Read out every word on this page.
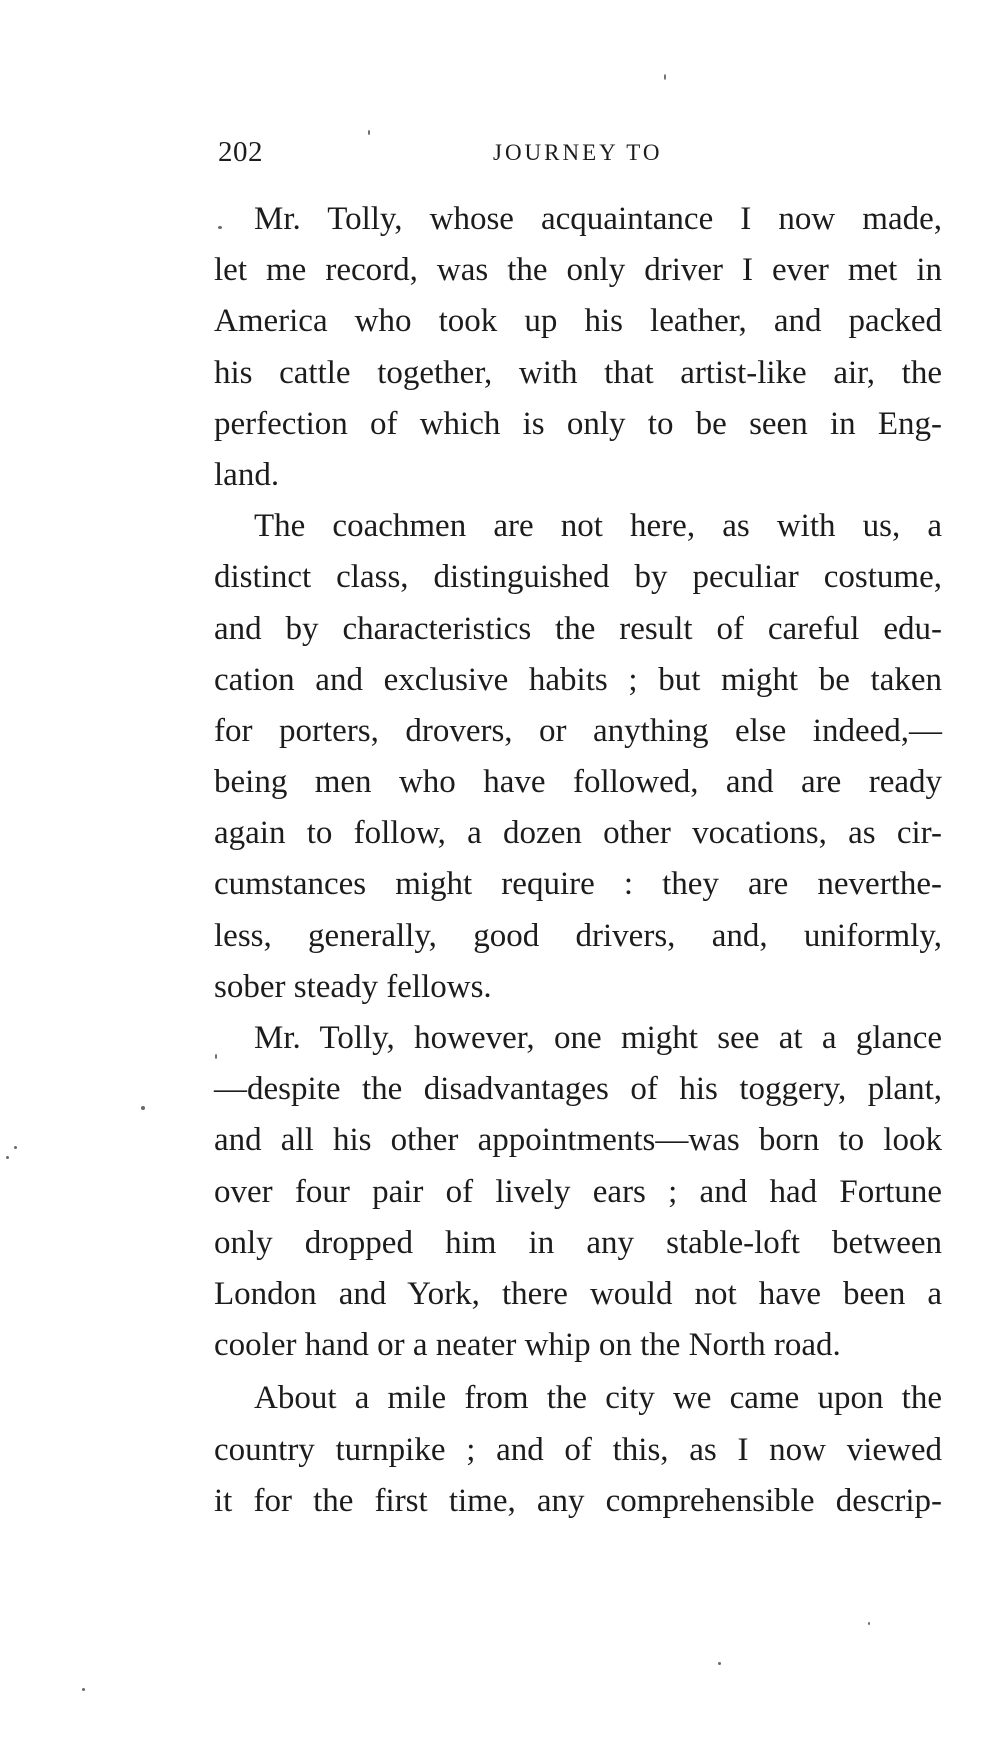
202	JOURNEY TO
Mr. Tolly, whose acquaintance I now made,
let me record, was the only driver I ever met in
America who took up his leather, and packed
his cattle together, with that artist-like air, the
perfection of which is only to be seen in Eng-
land.
The coachmen are not here, as with us, a
distinct class, distinguished by peculiar costume,
and by characteristics the result of careful edu-
cation and exclusive habits ; but might be taken
for porters, drovers, or anything else indeed,—
being men who have followed, and are ready
again to follow, a dozen other vocations, as cir-
cumstances might require : they are neverthe-
less, generally, good drivers, and, uniformly,
sober steady fellows.
Mr. Tolly, however, one might see at a glance
—despite the disadvantages of his toggery, plant,
and all his other appointments—was born to look
over four pair of lively ears ; and had Fortune
only dropped him in any stable-loft between
London and York, there would not have been a
cooler hand or a neater whip on the North road.
About a mile from the city we came upon the
country turnpike ; and of this, as I now viewed
it for the first time, any comprehensible descrip-
